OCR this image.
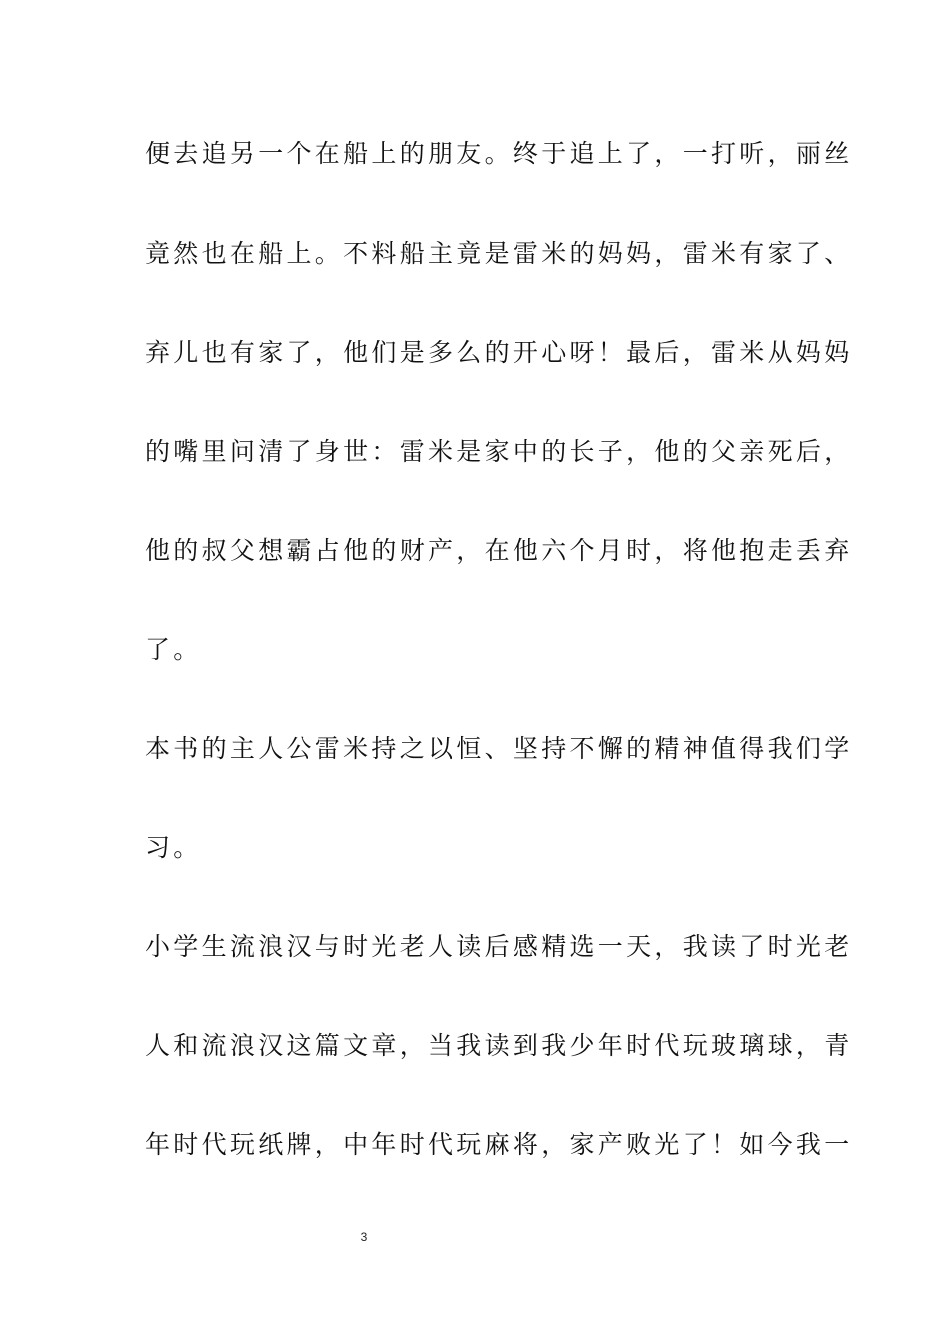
便去追另一个在船上的朋友。终于追上了，一打听，丽丝
竟然也在船上。不料船主竟是雷米的妈妈，雷米有家了、
弃儿也有家了，他们是多么的开心呀！最后，雷米从妈妈
的嘴里问清了身世：雷米是家中的长子，他的父亲死后，
他的叔父想霸占他的财产，在他六个月时，将他抱走丢弃
了。
本书的主人公雷米持之以恒、坚持不懈的精神值得我们学
习。
小学生流浪汉与时光老人读后感精选一天，我读了时光老
人和流浪汉这篇文章，当我读到我少年时代玩玻璃球，青
年时代玩纸牌，中年时代玩麻将，家产败光了！如今我一
3
